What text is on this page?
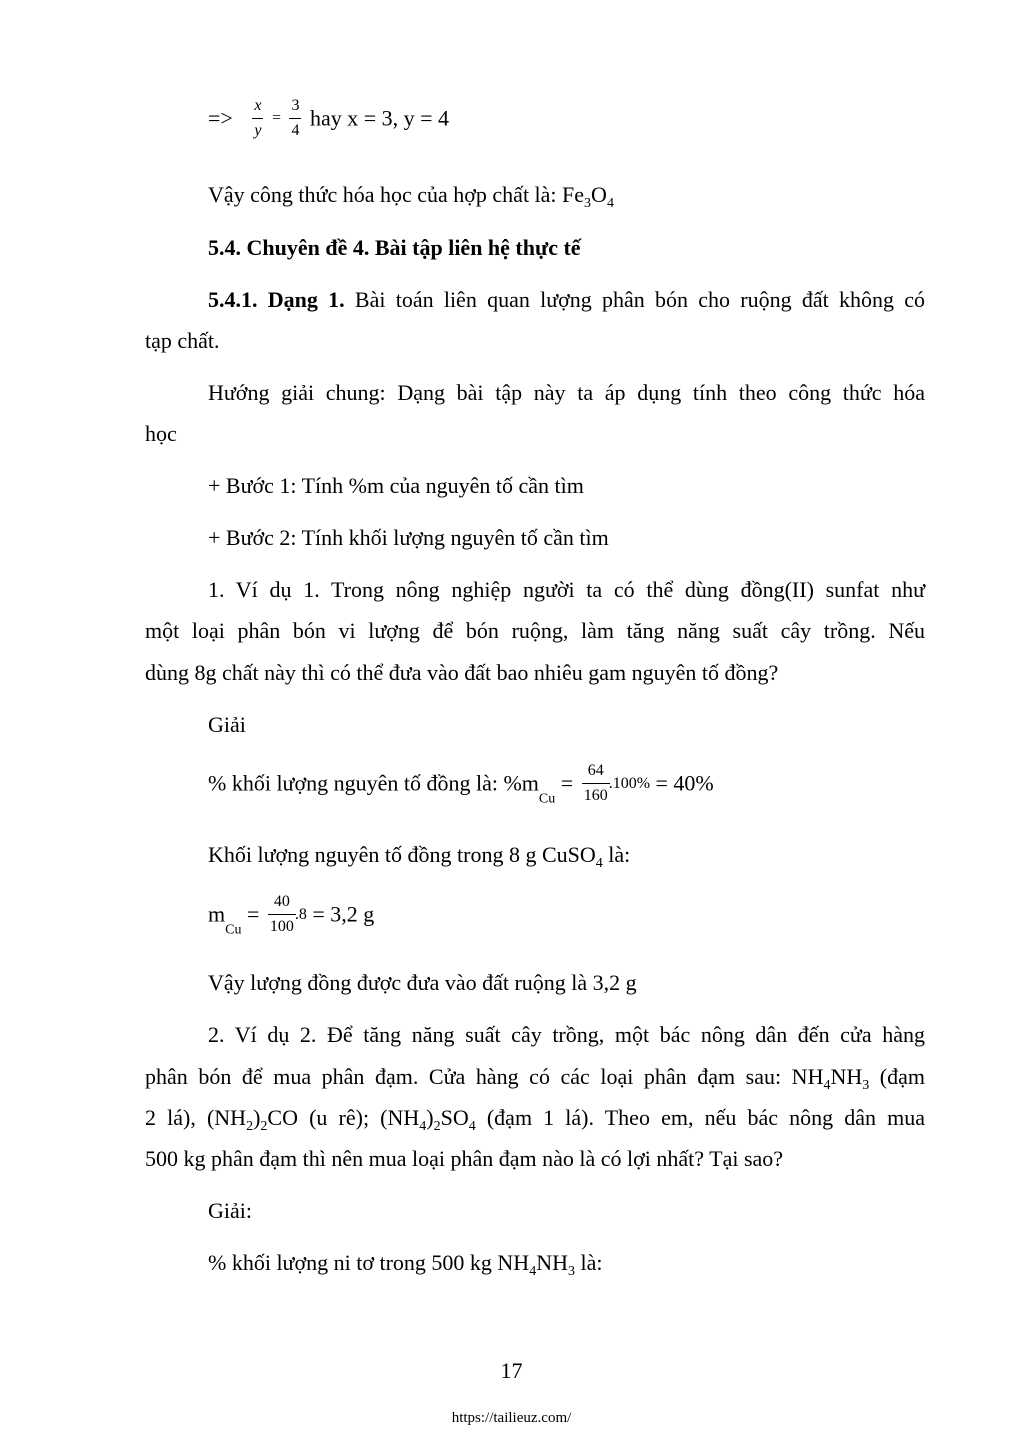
=> $\frac{x}{y} = \frac{3}{4}$ hay x = 3, y = 4
Vậy công thức hóa học của hợp chất là: $Fe_3O_4$
5.4. Chuyên đề 4. Bài tập liên hệ thực tế
5.4.1. Dạng 1. Bài toán liên quan lượng phân bón cho ruộng đất không có
tạp chất.
Hướng giải chung: Dạng bài tập này ta áp dụng tính theo công thức hóa
học
+ Bước 1: Tính %m của nguyên tố cần tìm
+ Bước 2: Tính khối lượng nguyên tố cần tìm
1. Ví dụ 1. Trong nông nghiệp người ta có thể dùng đồng(II) sunfat như
một loại phân bón vi lượng để bón ruộng, làm tăng năng suất cây trồng. Nếu
dùng 8g chất này thì có thể đưa vào đất bao nhiêu gam nguyên tố đồng?
Giải
% khối lượng nguyên tố đồng là: $\%m_{Cu} = \frac{64}{160} .100\% = 40\%$
Khối lượng nguyên tố đồng trong 8 g CuSO$_4$ là:
$m_{Cu} = \frac{40}{100} .8 = 3,2$ g
Vậy lượng đồng được đưa vào đất ruộng là 3,2 g
2. Ví dụ 2. Để tăng năng suất cây trồng, một bác nông dân đến cửa hàng
phân bón để mua phân đạm. Cửa hàng có các loại phân đạm sau: $NH_4NH_3$ (đạm
2 lá), $(NH_2)_2CO$ (u rê); $(NH_4)_2SO_4$ (đạm 1 lá). Theo em, nếu bác nông dân mua
500 kg phân đạm thì nên mua loại phân đạm nào là có lợi nhất? Tại sao?
Giải:
% khối lượng ni tơ trong 500 kg $NH_4NH_3$ là:
17
https://tailieuz.com/
